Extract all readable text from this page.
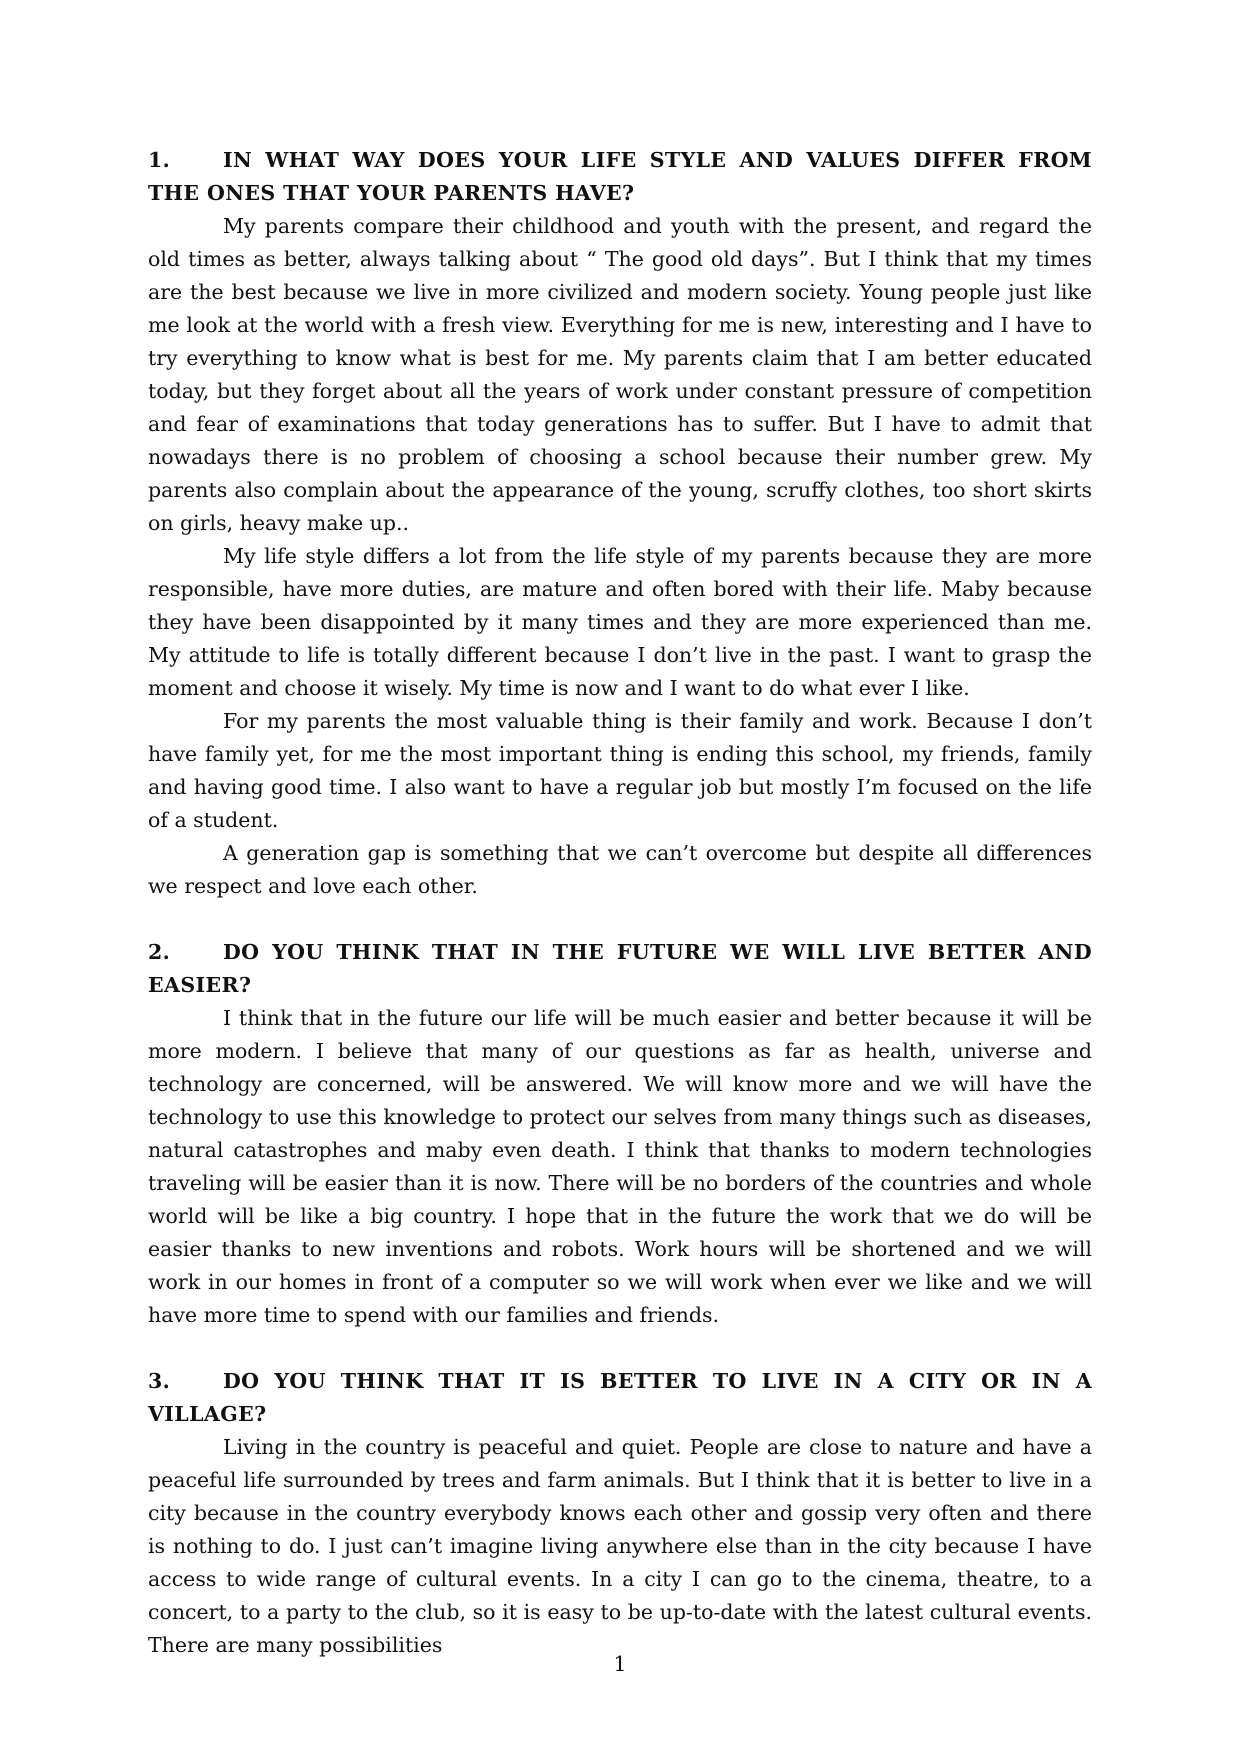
1.	IN WHAT WAY DOES YOUR LIFE STYLE AND VALUES DIFFER FROM THE ONES THAT YOUR PARENTS HAVE?

My parents compare their childhood and youth with the present, and regard the old times as better, always talking about “ The good old days”. But I think that my times are the best because we live in more civilized and modern society. Young people just like me look at the world with a fresh view. Everything for me is new, interesting and I have to try everything to know what is best for me. My parents claim that I am better educated today, but they forget about all the years of work under constant pressure of competition and fear of examinations that today generations has to suffer. But I have to admit that nowadays there is no problem of choosing a school because their number grew. My parents also complain about the appearance of the young, scruffy clothes, too short skirts on girls, heavy make up..

My life style differs a lot from the life style of my parents because they are more responsible, have more duties, are mature and often bored with their life. Maby because they have been disappointed by it many times and they are more experienced than me. My attitude to life is totally different because I don’t live in the past. I want to grasp the moment and choose it wisely. My time is now and I want to do what ever I like.

For my parents the most valuable thing is their family and work. Because I don’t have family yet, for me the most important thing is ending this school, my friends, family and having good time. I also want to have a regular job but mostly I’m focused on the life of a student.

A generation gap is something that we can’t overcome but despite all differences we respect and love each other.

2.	DO YOU THINK THAT IN THE FUTURE WE WILL LIVE BETTER AND EASIER?

I think that in the future our life will be much easier and better because it will be more modern. I believe that many of our questions as far as health, universe and technology are concerned, will be answered. We will know more and we will have the technology to use this knowledge to protect our selves from many things such as diseases, natural catastrophes and maby even death. I think that thanks to modern technologies traveling will be easier than it is now. There will be no borders of the countries and whole world will be like a big country. I hope that in the future the work that we do will be easier thanks to new inventions and robots. Work hours will be shortened and we will work in our homes in front of a computer so we will work when ever we like and we will have more time to spend with our families and friends.

3.	DO YOU THINK THAT IT IS BETTER TO LIVE IN A CITY OR IN A VILLAGE?

Living in the country is peaceful and quiet. People are close to nature and have a peaceful life surrounded by trees and farm animals. But I think that it is better to live in a city because in the country everybody knows each other and gossip very often and there is nothing to do. I just can’t imagine living anywhere else than in the city because I have access to wide range of cultural events. In a city I can go to the cinema, theatre, to a concert, to a party to the club, so it is easy to be up-to-date with the latest cultural events. There are many possibilities

1
